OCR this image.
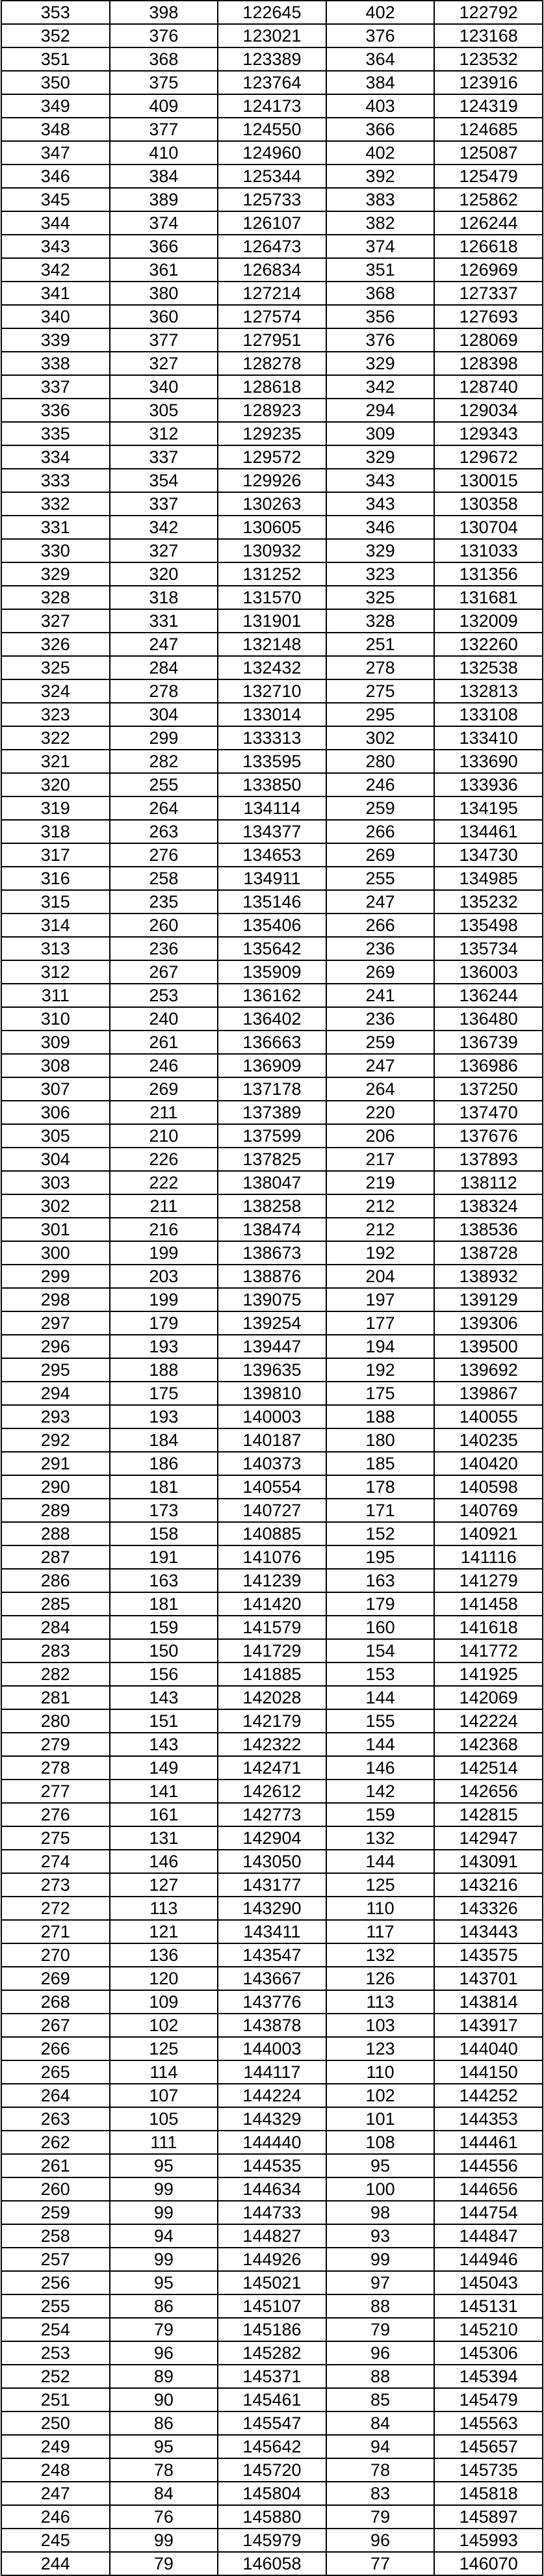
353	398	122645	402	122792
352	376	123021	376	123168
351	368	123389	364	123532
350	375	123764	384	123916
349	409	124173	403	124319
348	377	124550	366	124685
347	410	124960	402	125087
346	384	125344	392	125479
345	389	125733	383	125862
344	374	126107	382	126244
343	366	126473	374	126618
342	361	126834	351	126969
341	380	127214	368	127337
340	360	127574	356	127693
339	377	127951	376	128069
338	327	128278	329	128398
337	340	128618	342	128740
336	305	128923	294	129034
335	312	129235	309	129343
334	337	129572	329	129672
333	354	129926	343	130015
332	337	130263	343	130358
331	342	130605	346	130704
330	327	130932	329	131033
329	320	131252	323	131356
328	318	131570	325	131681
327	331	131901	328	132009
326	247	132148	251	132260
325	284	132432	278	132538
324	278	132710	275	132813
323	304	133014	295	133108
322	299	133313	302	133410
321	282	133595	280	133690
320	255	133850	246	133936
319	264	134114	259	134195
318	263	134377	266	134461
317	276	134653	269	134730
316	258	134911	255	134985
315	235	135146	247	135232
314	260	135406	266	135498
313	236	135642	236	135734
312	267	135909	269	136003
311	253	136162	241	136244
310	240	136402	236	136480
309	261	136663	259	136739
308	246	136909	247	136986
307	269	137178	264	137250
306	211	137389	220	137470
305	210	137599	206	137676
304	226	137825	217	137893
303	222	138047	219	138112
302	211	138258	212	138324
301	216	138474	212	138536
300	199	138673	192	138728
299	203	138876	204	138932
298	199	139075	197	139129
297	179	139254	177	139306
296	193	139447	194	139500
295	188	139635	192	139692
294	175	139810	175	139867
293	193	140003	188	140055
292	184	140187	180	140235
291	186	140373	185	140420
290	181	140554	178	140598
289	173	140727	171	140769
288	158	140885	152	140921
287	191	141076	195	141116
286	163	141239	163	141279
285	181	141420	179	141458
284	159	141579	160	141618
283	150	141729	154	141772
282	156	141885	153	141925
281	143	142028	144	142069
280	151	142179	155	142224
279	143	142322	144	142368
278	149	142471	146	142514
277	141	142612	142	142656
276	161	142773	159	142815
275	131	142904	132	142947
274	146	143050	144	143091
273	127	143177	125	143216
272	113	143290	110	143326
271	121	143411	117	143443
270	136	143547	132	143575
269	120	143667	126	143701
268	109	143776	113	143814
267	102	143878	103	143917
266	125	144003	123	144040
265	114	144117	110	144150
264	107	144224	102	144252
263	105	144329	101	144353
262	111	144440	108	144461
261	95	144535	95	144556
260	99	144634	100	144656
259	99	144733	98	144754
258	94	144827	93	144847
257	99	144926	99	144946
256	95	145021	97	145043
255	86	145107	88	145131
254	79	145186	79	145210
253	96	145282	96	145306
252	89	145371	88	145394
251	90	145461	85	145479
250	86	145547	84	145563
249	95	145642	94	145657
248	78	145720	78	145735
247	84	145804	83	145818
246	76	145880	79	145897
245	99	145979	96	145993
244	79	146058	77	146070
